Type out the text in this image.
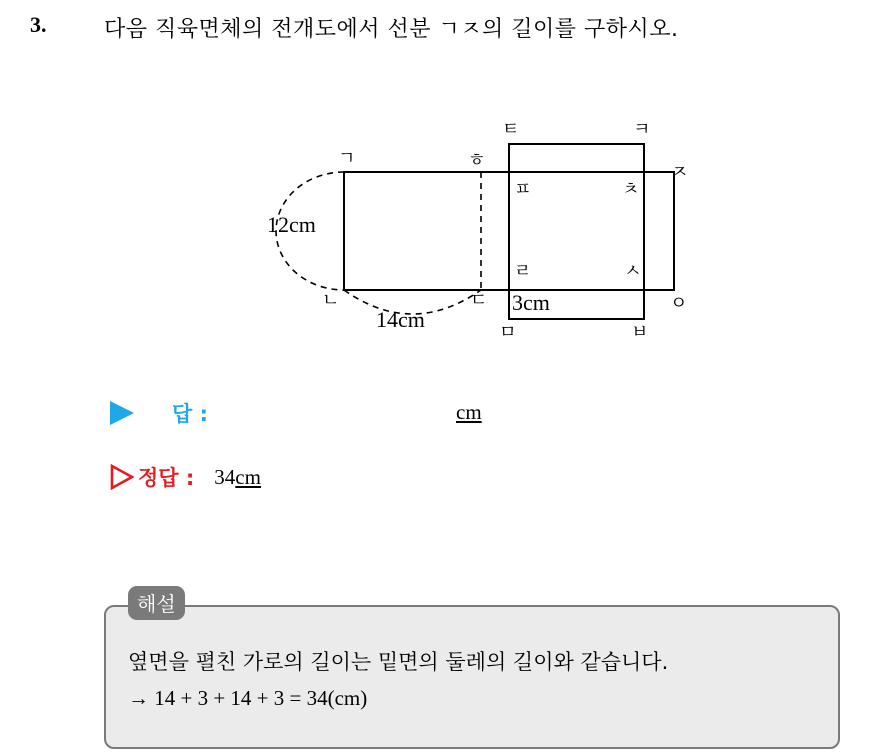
3.	다음 직육면체의 전개도에서 선분 ㄱㅈ의 길이를 구하시오.
ㄱ
ㄴ	ㄷ
ㄹ
ㅁ	ㅂ
ㅅ
ㅇ
ㅈ
ㅊ
ㅋ
ㅌ
ㅍ
ㅎ
12cm
14cm
3cm
답 :	cm
정답 : 34cm
해설
옆면을 펼친 가로의 길이는 밑면의 둘레의 길이와 같습니다.
→ 14 + 3 + 14 + 3 = 34(cm)
